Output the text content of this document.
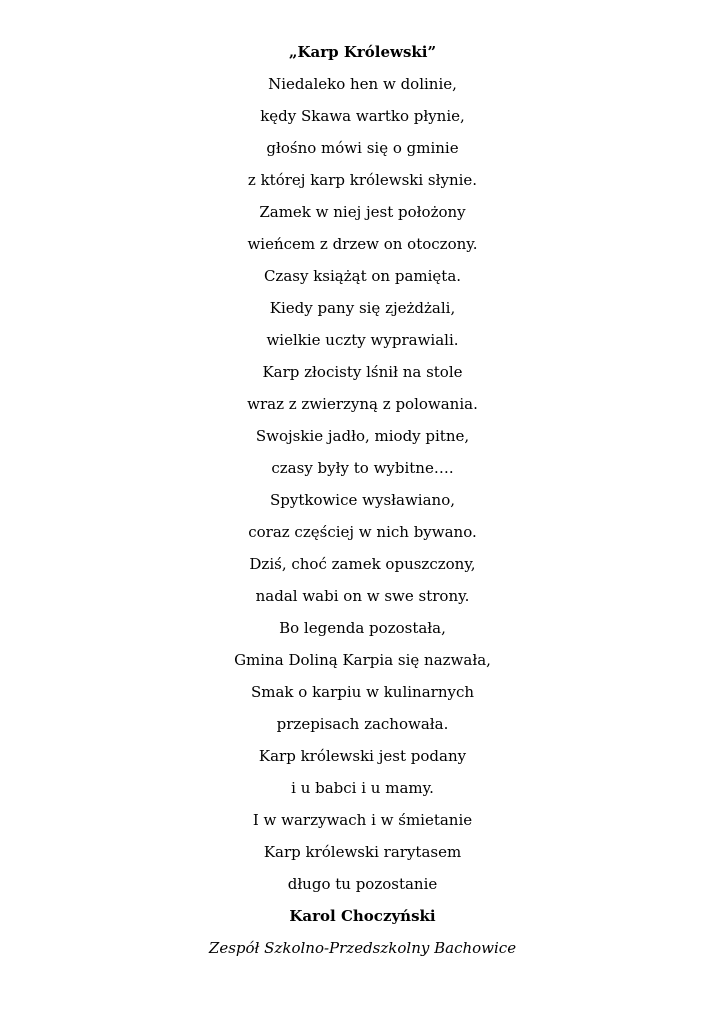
„Karp Królewski”
Niedaleko hen w dolinie,
kędy Skawa wartko płynie,
głośno mówi się o gminie
z której karp królewski słynie.
Zamek w niej jest położony
wieńcem z drzew on otoczony.
Czasy książąt on pamięta.
Kiedy pany się zjeżdżali,
wielkie uczty wyprawiali.
Karp złocisty lśnił na stole
wraz z zwierzyną z polowania.
Swojskie jadło, miody pitne,
czasy były to wybitne….
Spytkowice wysławiano,
coraz częściej w nich bywano.
Dziś, choć zamek opuszczony,
nadal wabi on w swe strony.
Bo legenda pozostała,
Gmina Doliną Karpia się nazwała,
Smak o karpiu w kulinarnych
przepisach zachowała.
Karp królewski jest podany
i u babci i u mamy.
I w warzywach i w śmietanie
Karp królewski rarytasem
długo tu pozostanie
Karol Choczyński
Zespół Szkolno-Przedszkolny Bachowice
